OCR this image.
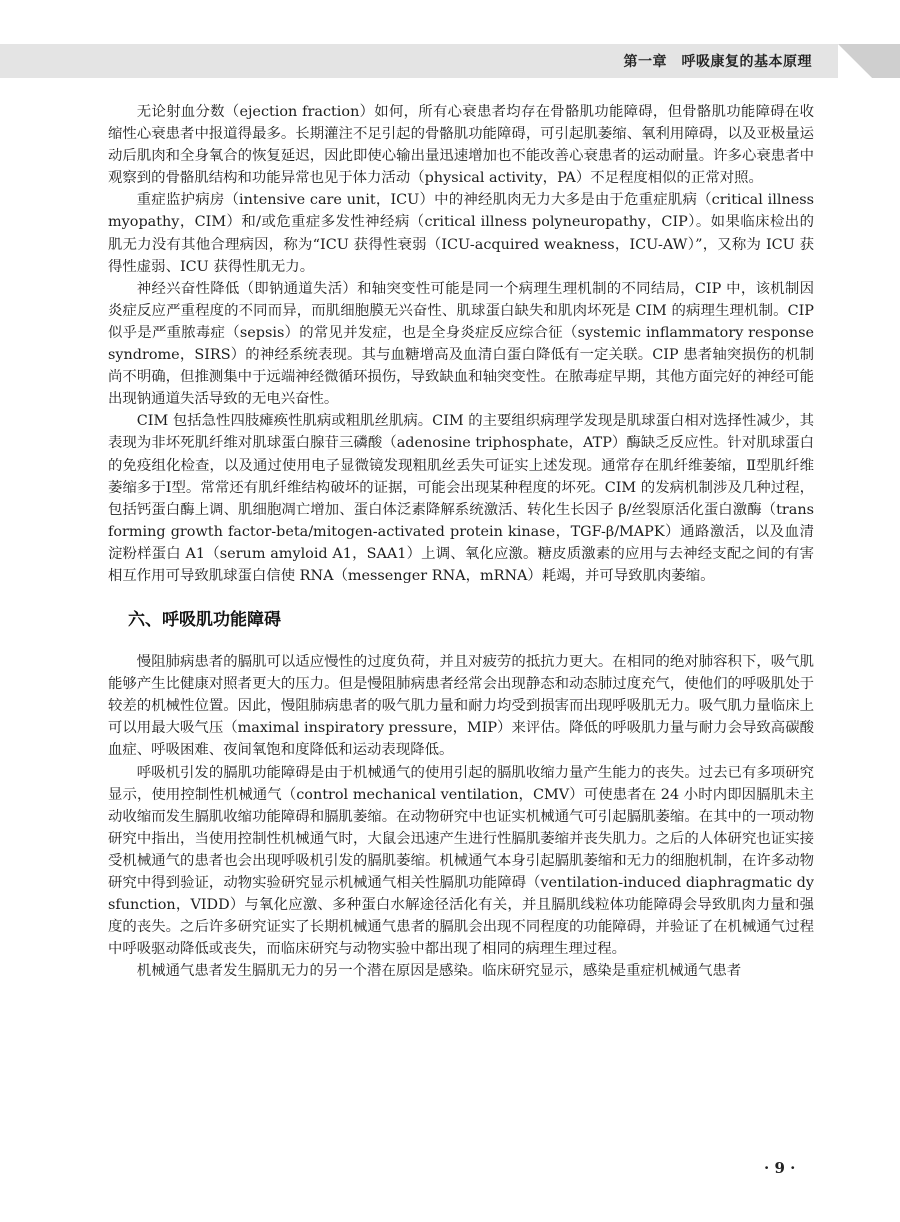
第一章　呼吸康复的基本原理

无论射血分数（ejection fraction）如何，所有心衰患者均存在骨骼肌功能障碍，但骨骼肌功能障碍在收缩性心衰患者中报道得最多。长期灌注不足引起的骨骼肌功能障碍，可引起肌萎缩、氧利用障碍，以及亚极量运动后肌肉和全身氧合的恢复延迟，因此即使心输出量迅速增加也不能改善心衰患者的运动耐量。许多心衰患者中观察到的骨骼肌结构和功能异常也见于体力活动（physical activity，PA）不足程度相似的正常对照。

重症监护病房（intensive care unit，ICU）中的神经肌肉无力大多是由于危重症肌病（critical illness myopathy，CIM）和/或危重症多发性神经病（critical illness polyneuropathy，CIP）。如果临床检出的肌无力没有其他合理病因，称为“ICU 获得性衰弱（ICU-acquired weakness，ICU-AW）”，又称为 ICU 获得性虚弱、ICU 获得性肌无力。

神经兴奋性降低（即钠通道失活）和轴突变性可能是同一个病理生理机制的不同结局，CIP 中，该机制因炎症反应严重程度的不同而异，而肌细胞膜无兴奋性、肌球蛋白缺失和肌肉坏死是 CIM 的病理生理机制。CIP 似乎是严重脓毒症（sepsis）的常见并发症，也是全身炎症反应综合征（systemic inflammatory response syndrome，SIRS）的神经系统表现。其与血糖增高及血清白蛋白降低有一定关联。CIP 患者轴突损伤的机制尚不明确，但推测集中于远端神经微循环损伤，导致缺血和轴突变性。在脓毒症早期，其他方面完好的神经可能出现钠通道失活导致的无电兴奋性。

CIM 包括急性四肢瘫痪性肌病或粗肌丝肌病。CIM 的主要组织病理学发现是肌球蛋白相对选择性减少，其表现为非坏死肌纤维对肌球蛋白腺苷三磷酸（adenosine triphosphate，ATP）酶缺乏反应性。针对肌球蛋白的免疫组化检查，以及通过使用电子显微镜发现粗肌丝丢失可证实上述发现。通常存在肌纤维萎缩，Ⅱ型肌纤维萎缩多于Ⅰ型。常常还有肌纤维结构破坏的证据，可能会出现某种程度的坏死。CIM 的发病机制涉及几种过程，包括钙蛋白酶上调、肌细胞凋亡增加、蛋白体泛素降解系统激活、转化生长因子 β/丝裂原活化蛋白激酶（transforming growth factor-beta/mitogen-activated protein kinase，TGF-β/MAPK）通路激活，以及血清淀粉样蛋白 A1（serum amyloid A1，SAA1）上调、氧化应激。糖皮质激素的应用与去神经支配之间的有害相互作用可导致肌球蛋白信使 RNA（messenger RNA，mRNA）耗竭，并可导致肌肉萎缩。

六、呼吸肌功能障碍

慢阻肺病患者的膈肌可以适应慢性的过度负荷，并且对疲劳的抵抗力更大。在相同的绝对肺容积下，吸气肌能够产生比健康对照者更大的压力。但是慢阻肺病患者经常会出现静态和动态肺过度充气，使他们的呼吸肌处于较差的机械性位置。因此，慢阻肺病患者的吸气肌力量和耐力均受到损害而出现呼吸肌无力。吸气肌力量临床上可以用最大吸气压（maximal inspiratory pressure，MIP）来评估。降低的呼吸肌力量与耐力会导致高碳酸血症、呼吸困难、夜间氧饱和度降低和运动表现降低。

呼吸机引发的膈肌功能障碍是由于机械通气的使用引起的膈肌收缩力量产生能力的丧失。过去已有多项研究显示，使用控制性机械通气（control mechanical ventilation，CMV）可使患者在 24 小时内即因膈肌未主动收缩而发生膈肌收缩功能障碍和膈肌萎缩。在动物研究中也证实机械通气可引起膈肌萎缩。在其中的一项动物研究中指出，当使用控制性机械通气时，大鼠会迅速产生进行性膈肌萎缩并丧失肌力。之后的人体研究也证实接受机械通气的患者也会出现呼吸机引发的膈肌萎缩。机械通气本身引起膈肌萎缩和无力的细胞机制，在许多动物研究中得到验证，动物实验研究显示机械通气相关性膈肌功能障碍（ventilation-induced diaphragmatic dysfunction，VIDD）与氧化应激、多种蛋白水解途径活化有关，并且膈肌线粒体功能障碍会导致肌肉力量和强度的丧失。之后许多研究证实了长期机械通气患者的膈肌会出现不同程度的功能障碍，并验证了在机械通气过程中呼吸驱动降低或丧失，而临床研究与动物实验中都出现了相同的病理生理过程。

机械通气患者发生膈肌无力的另一个潜在原因是感染。临床研究显示，感染是重症机械通气患者

· 9 ·
